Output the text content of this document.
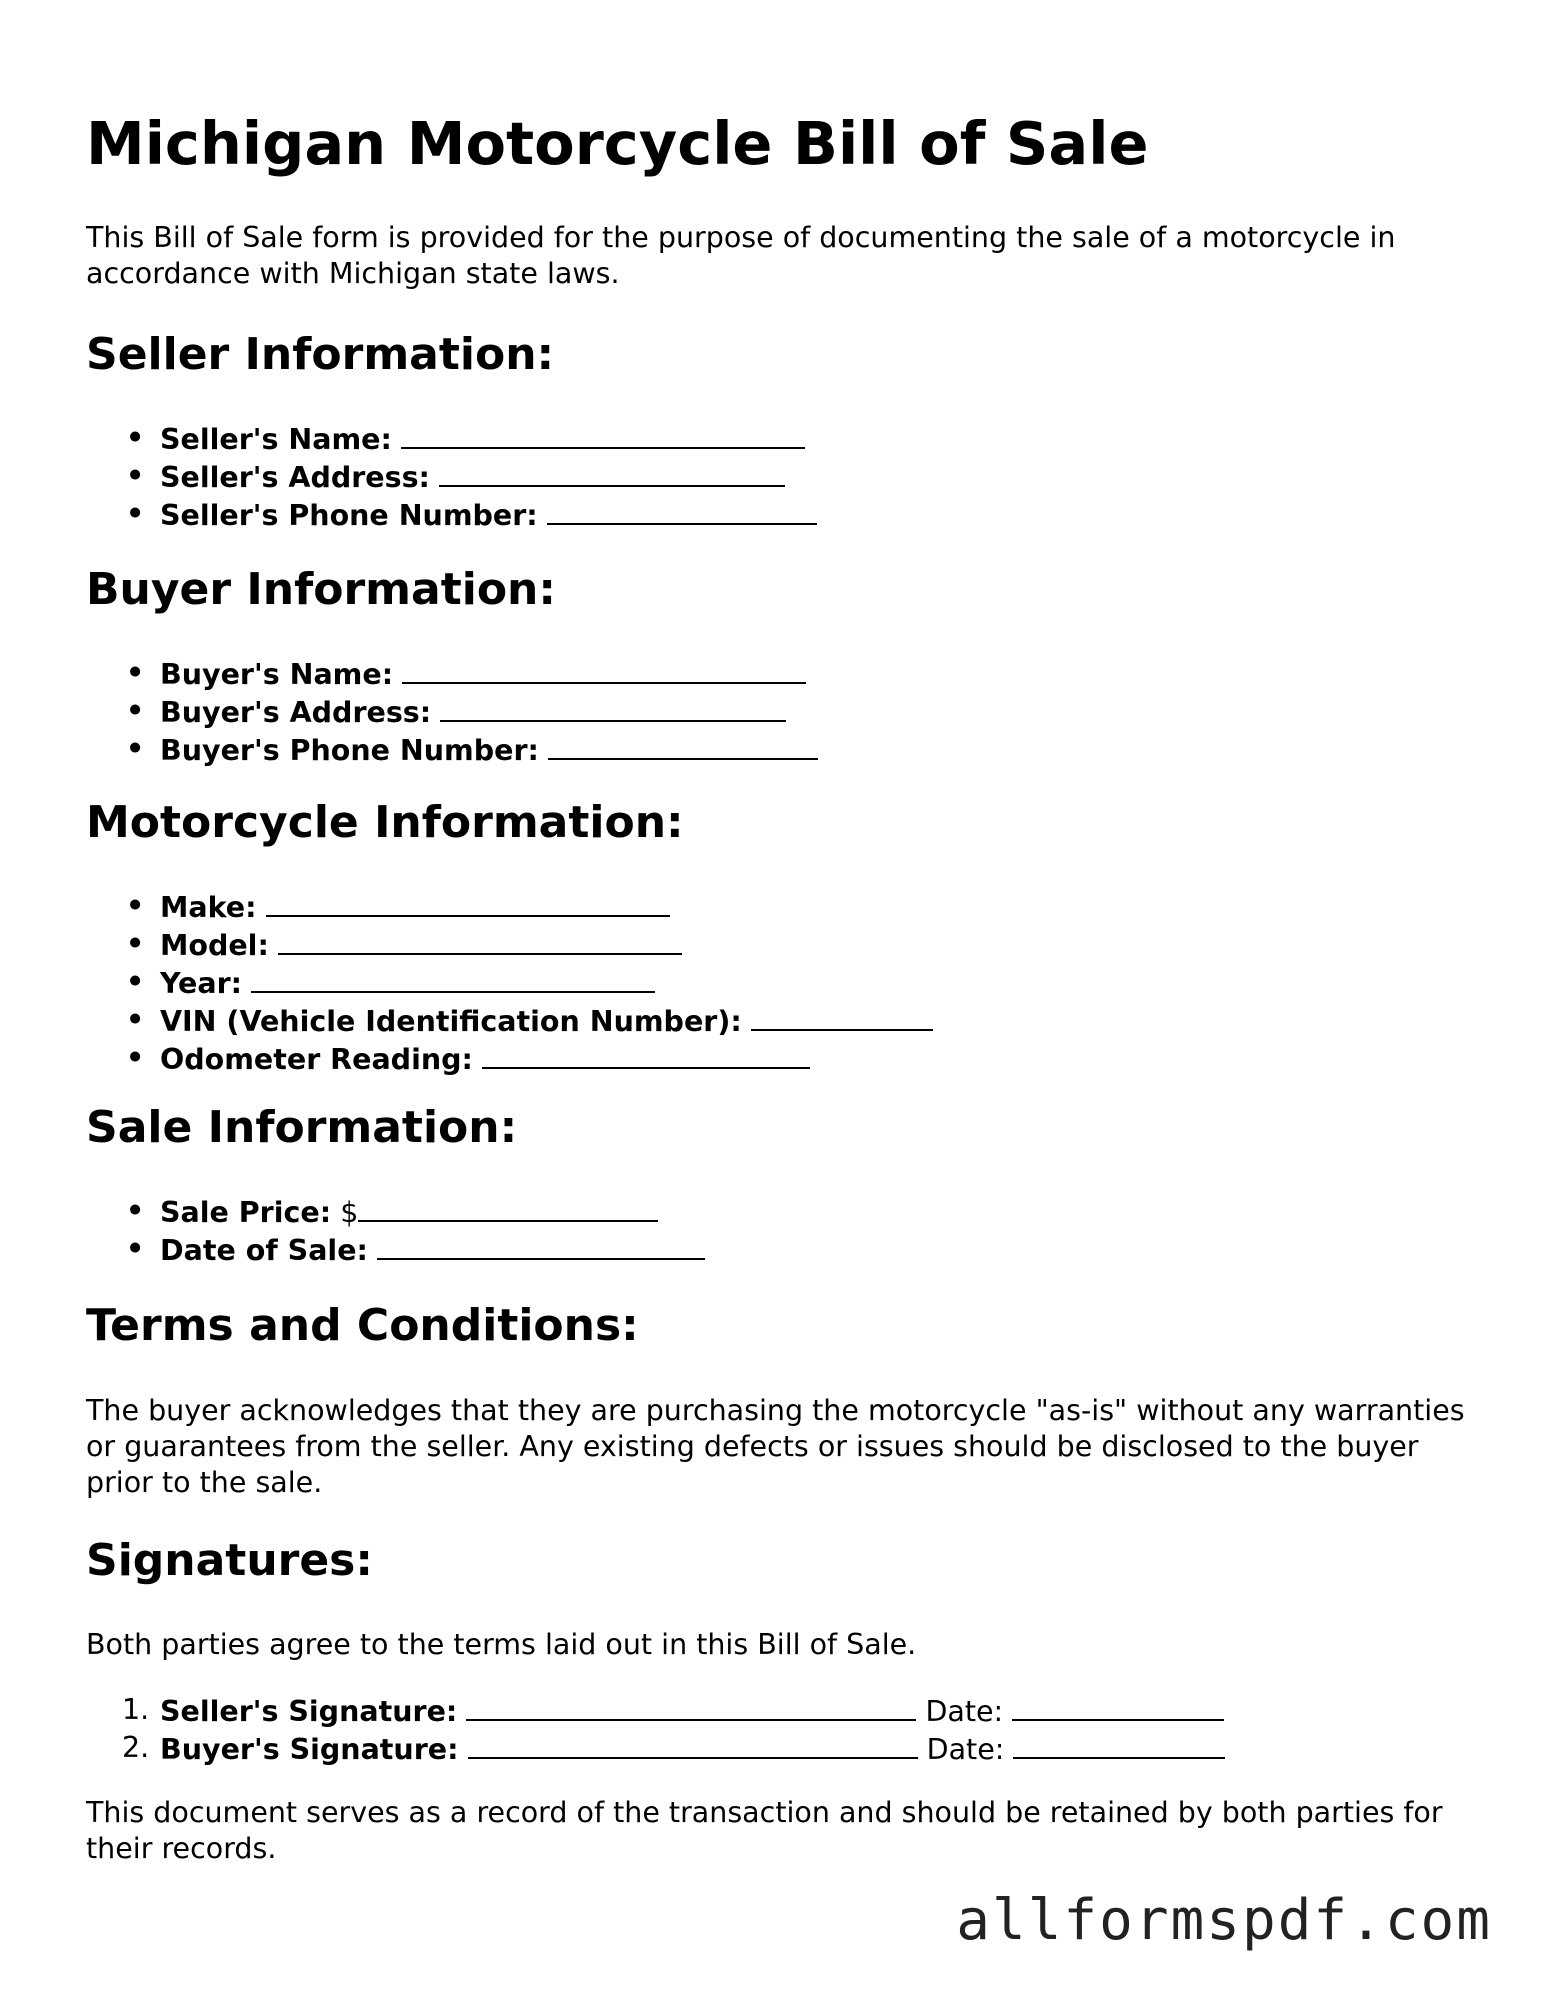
Michigan Motorcycle Bill of Sale

This Bill of Sale form is provided for the purpose of documenting the sale of a motorcycle in accordance with Michigan state laws.

Seller Information:
• Seller's Name:
• Seller's Address:
• Seller's Phone Number:
Buyer Information:
• Buyer's Name:
• Buyer's Address:
• Buyer's Phone Number:
Motorcycle Information:
• Make:
• Model:
• Year:
• VIN (Vehicle Identification Number):
• Odometer Reading:
Sale Information:
• Sale Price: $
• Date of Sale:
Terms and Conditions:

The buyer acknowledges that they are purchasing the motorcycle "as-is" without any warranties or guarantees from the seller. Any existing defects or issues should be disclosed to the buyer prior to the sale.

Signatures:

Both parties agree to the terms laid out in this Bill of Sale.

1. Seller's Signature:	Date:
2. Buyer's Signature:	Date:

This document serves as a record of the transaction and should be retained by both parties for their records.

allformspdf.com
